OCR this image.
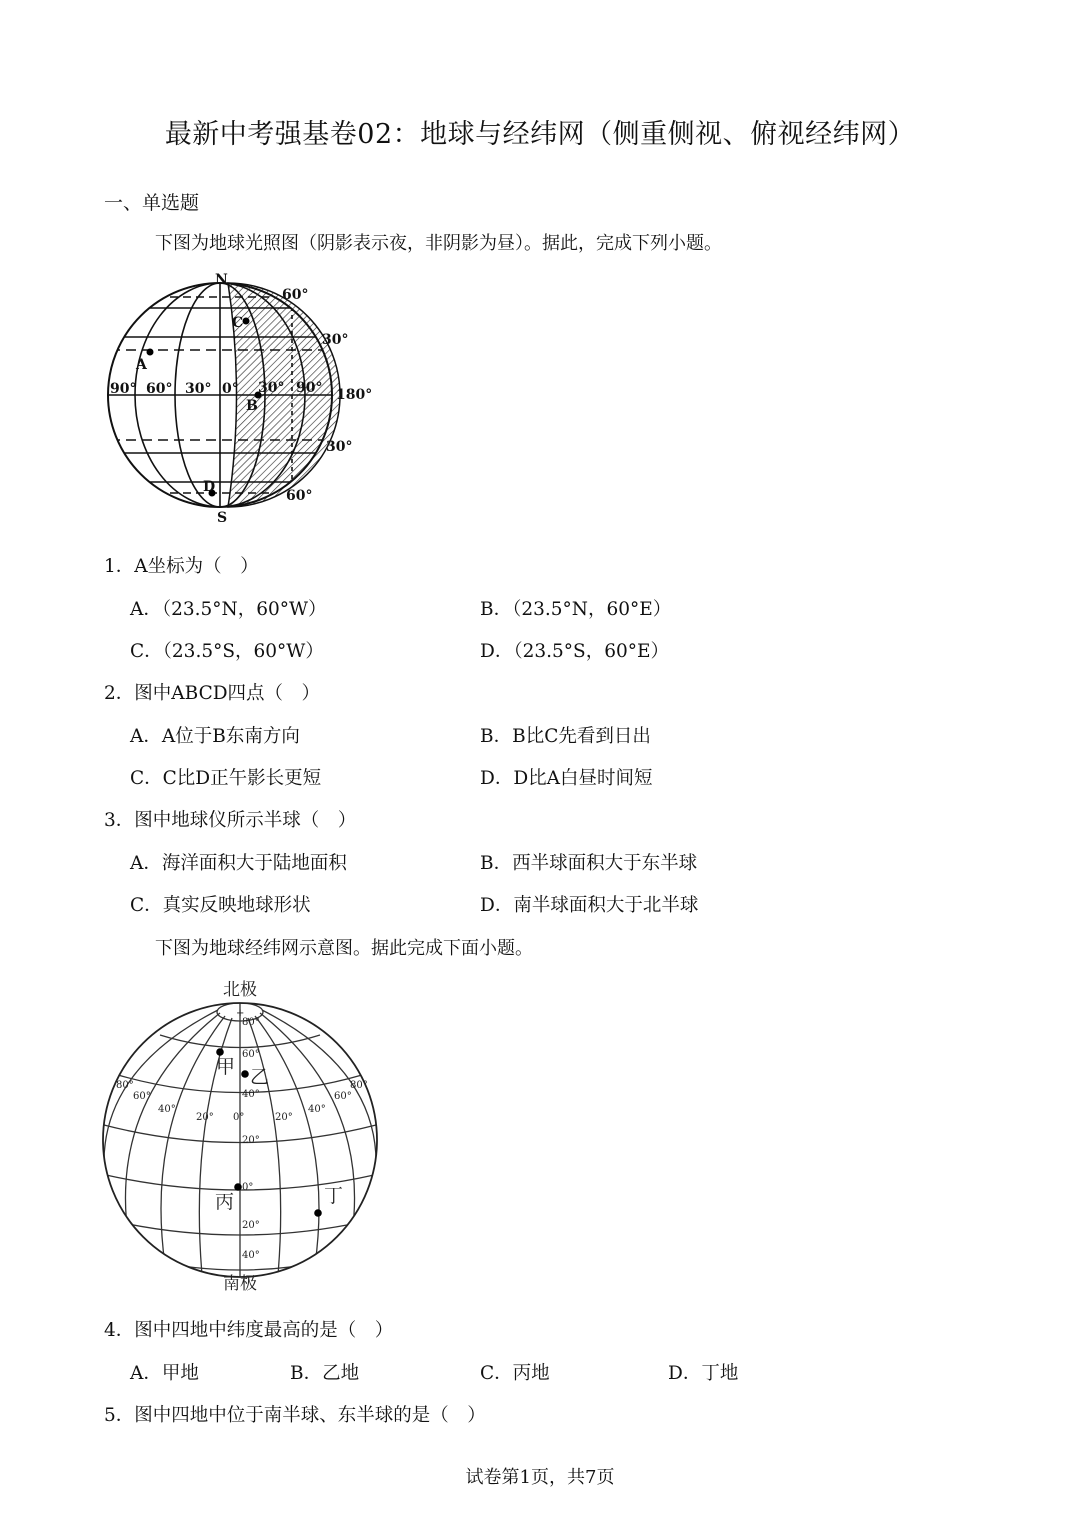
最新中考强基卷02：地球与经纬网（侧重侧视、俯视经纬网）
一、单选题
下图为地球光照图（阴影表示夜，非阴影为昼）。据此，完成下列小题。
N
S
A
B
C
D
60°
30°
30°
60°
90° 60° 30° 0° 30° 90° 180°
1．A坐标为（　）
A．（23.5°N，60°W）	B．（23.5°N，60°E）
C．（23.5°S，60°W）	D．（23.5°S，60°E）
2．图中ABCD四点（　）
A．A位于B东南方向	B．B比C先看到日出
C．C比D正午影长更短	D．D比A白昼时间短
3．图中地球仪所示半球（　）
A．海洋面积大于陆地面积	B．西半球面积大于东半球
C．真实反映地球形状	D．南半球面积大于北半球
下图为地球经纬网示意图。据此完成下面小题。
北极
南极
+
甲 乙
丙	丁
80°
60°
40°
20°
0°
20°
40°
80°
60°
40°
20° 0°	20°
40°
60°
80°
4．图中四地中纬度最高的是（　）
A．甲地	B．乙地	C．丙地	D．丁地
5．图中四地中位于南半球、东半球的是（　）
试卷第1页，共7页
